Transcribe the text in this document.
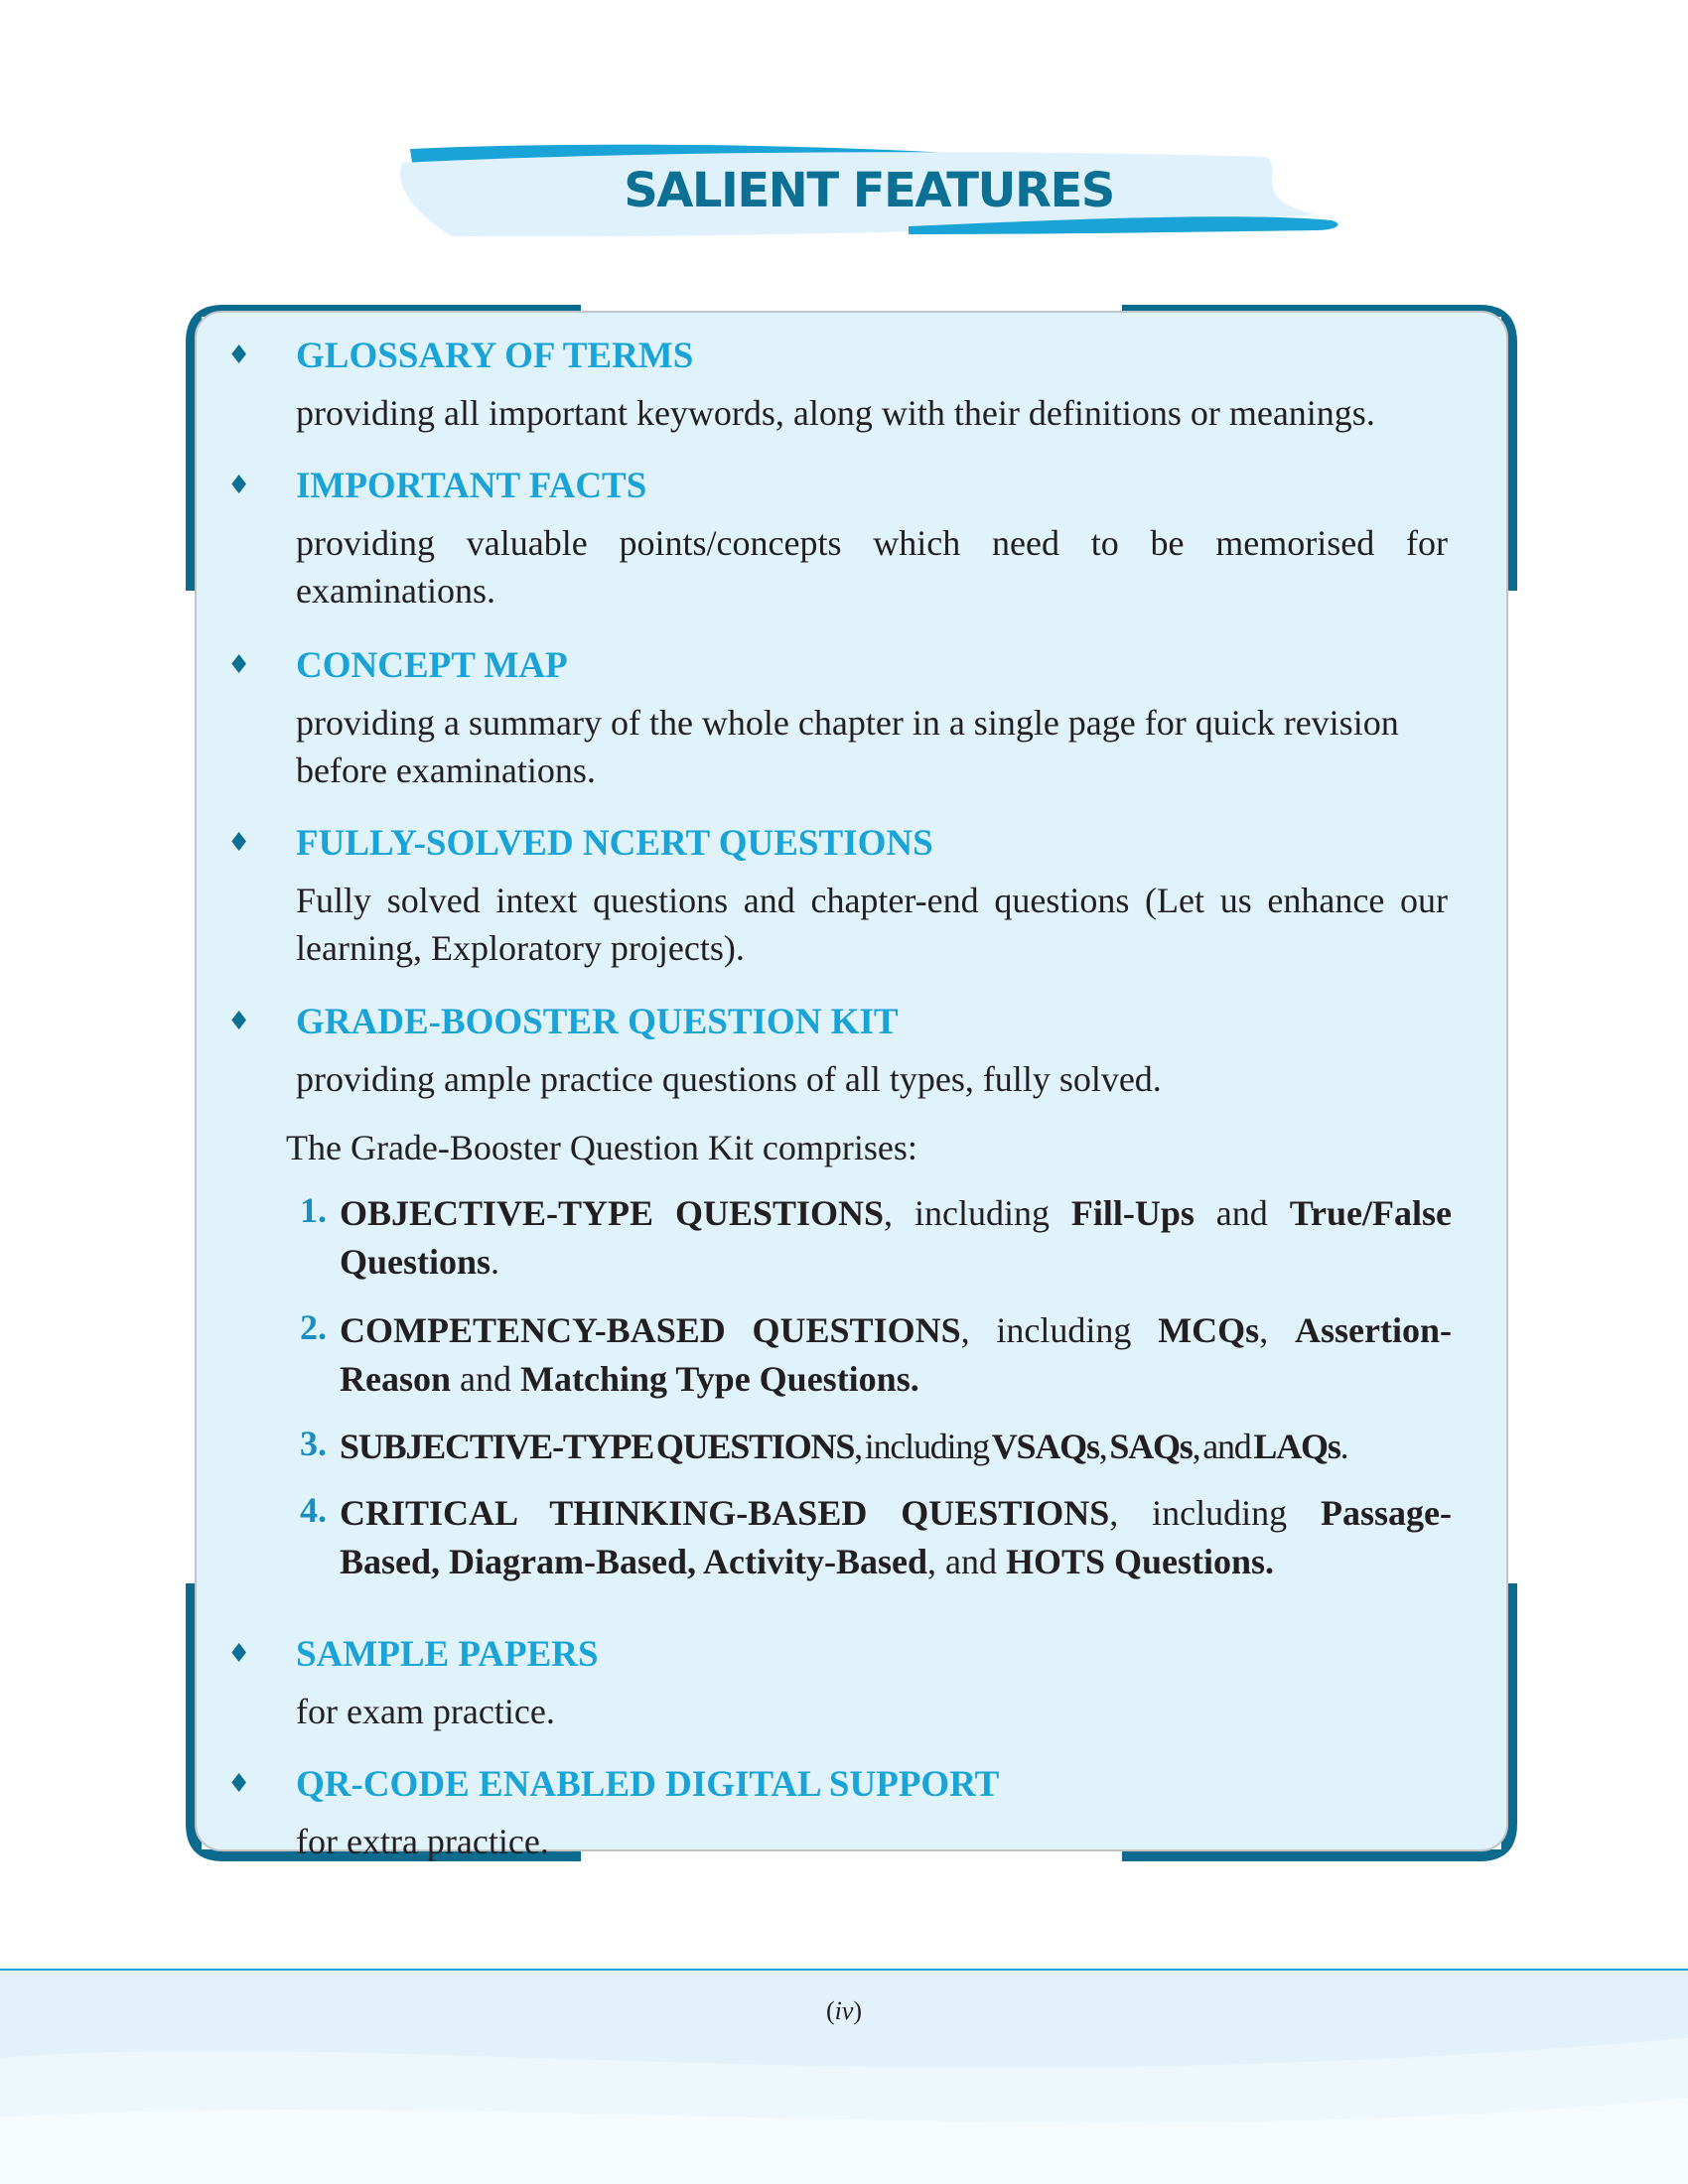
SALIENT FEATURES
♦ GLOSSARY OF TERMS

providing all important keywords, along with their definitions or meanings.

♦ IMPORTANT FACTS

providing valuable points/concepts which need to be memorised for examinations.

♦ CONCEPT MAP

providing a summary of the whole chapter in a single page for quick revision before examinations.

♦ FULLY-SOLVED NCERT QUESTIONS

Fully solved intext questions and chapter-end questions (Let us enhance our learning, Exploratory projects).

♦ GRADE-BOOSTER QUESTION KIT

providing ample practice questions of all types, fully solved.

The Grade-Booster Question Kit comprises:

1. OBJECTIVE-TYPE QUESTIONS, including Fill-Ups and True/False Questions.

2. COMPETENCY-BASED QUESTIONS, including MCQs, Assertion-Reason and Matching Type Questions.

3. SUBJECTIVE-TYPE QUESTIONS, including VSAQs, SAQs, and LAQs.

4. CRITICAL THINKING-BASED QUESTIONS, including Passage-Based, Diagram-Based, Activity-Based, and HOTS Questions.

♦ SAMPLE PAPERS

for exam practice.

♦ QR-CODE ENABLED DIGITAL SUPPORT

for extra practice.

(iv)
